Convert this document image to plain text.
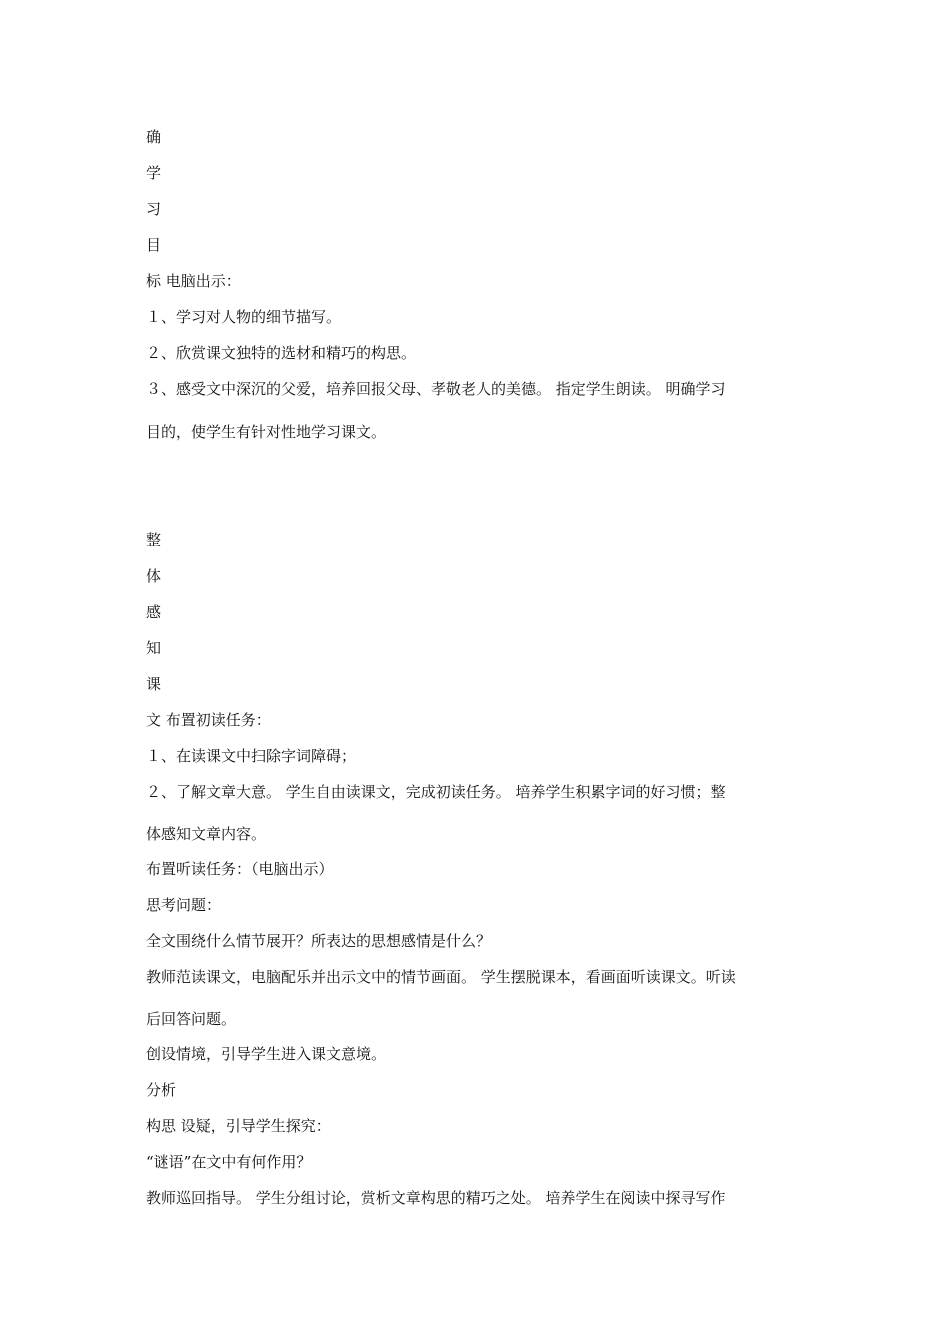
确
学
习
目
标 电脑出示：
１、学习对人物的细节描写。
２、欣赏课文独特的选材和精巧的构思。
３、感受文中深沉的父爱，培养回报父母、孝敬老人的美德。 指定学生朗读。 明确学习
目的，使学生有针对性地学习课文。
整
体
感
知
课
文 布置初读任务：
１、在读课文中扫除字词障碍；
２、了解文章大意。 学生自由读课文，完成初读任务。 培养学生积累字词的好习惯；整
体感知文章内容。
布置听读任务：（电脑出示）
思考问题：
全文围绕什么情节展开？所表达的思想感情是什么？
教师范读课文，电脑配乐并出示文中的情节画面。 学生摆脱课本，看画面听读课文。听读
后回答问题。
创设情境，引导学生进入课文意境。
分析
构思 设疑，引导学生探究：
“谜语”在文中有何作用？
教师巡回指导。 学生分组讨论，赏析文章构思的精巧之处。 培养学生在阅读中探寻写作
